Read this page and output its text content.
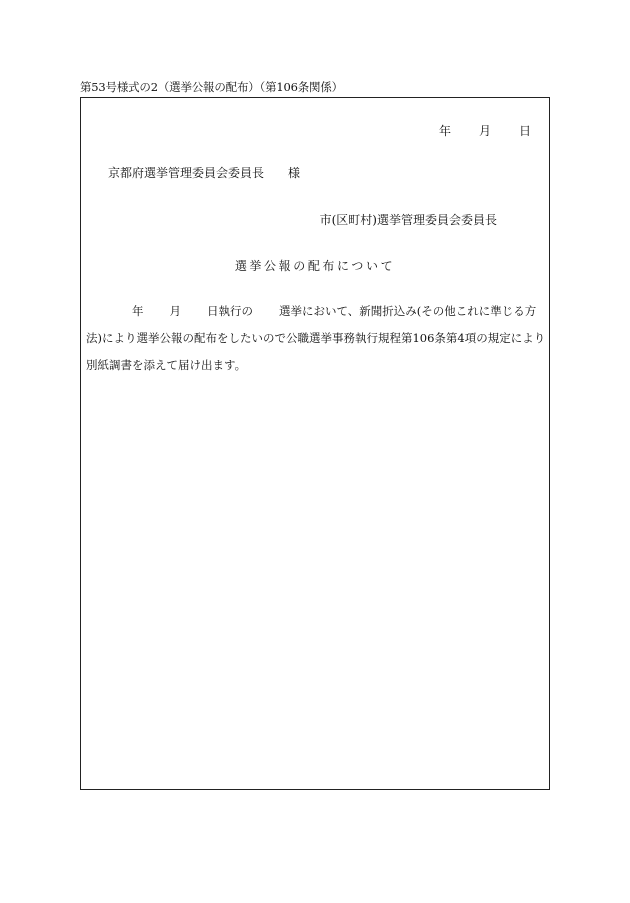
第53号様式の2（選挙公報の配布）（第106条関係）
年 月 日
京都府選挙管理委員会委員長 様
市(区町村)選挙管理委員会委員長
選挙公報の配布について
年 月 日執行の 選挙において、新聞折込み(その他これに準じる方
法)により選挙公報の配布をしたいので公職選挙事務執行規程第106条第4項の規定により
別紙調書を添えて届け出ます。
